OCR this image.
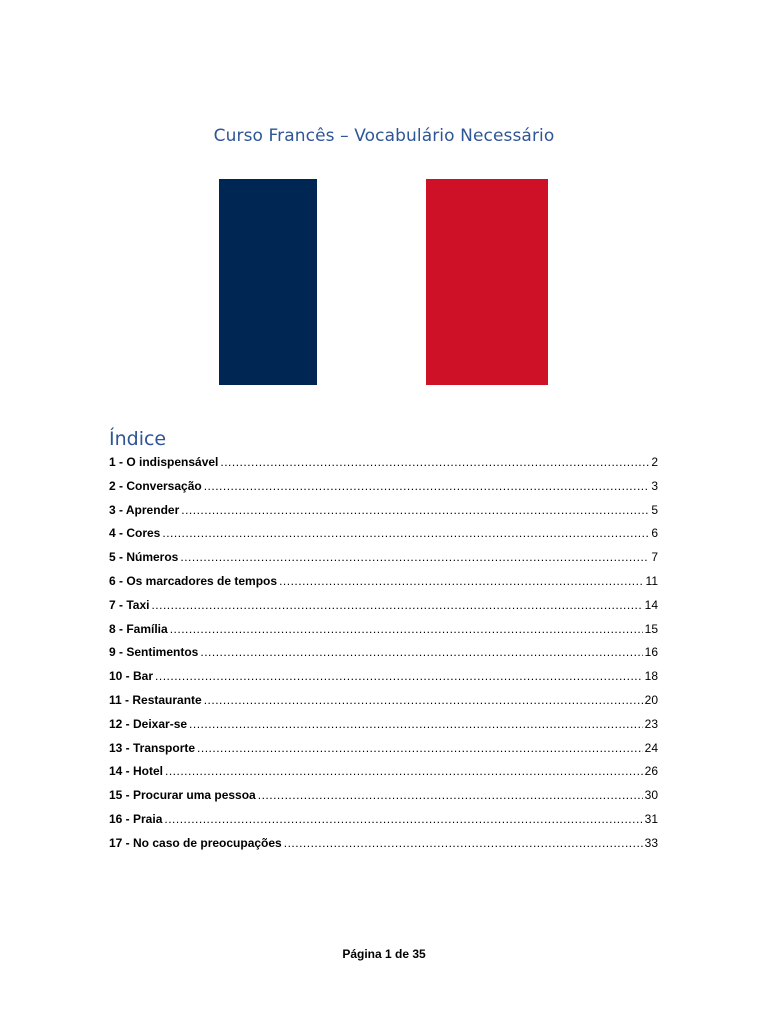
Curso Francês – Vocabulário Necessário
Índice
1 - O indispensável .....	2
2 - Conversação .....	3
3 - Aprender .....	5
4 - Cores .....	6
5 - Números .....	7
6 - Os marcadores de tempos .....	11
7 - Taxi .....	14
8 - Família .....	15
9 - Sentimentos .....	16
10 - Bar .....	18
11 - Restaurante .....	20
12 - Deixar-se .....	23
13 - Transporte .....	24
14 - Hotel .....	26
15 - Procurar uma pessoa .....	30
16 - Praia .....	31
17 - No caso de preocupações .....	33
Página 1 de 35
